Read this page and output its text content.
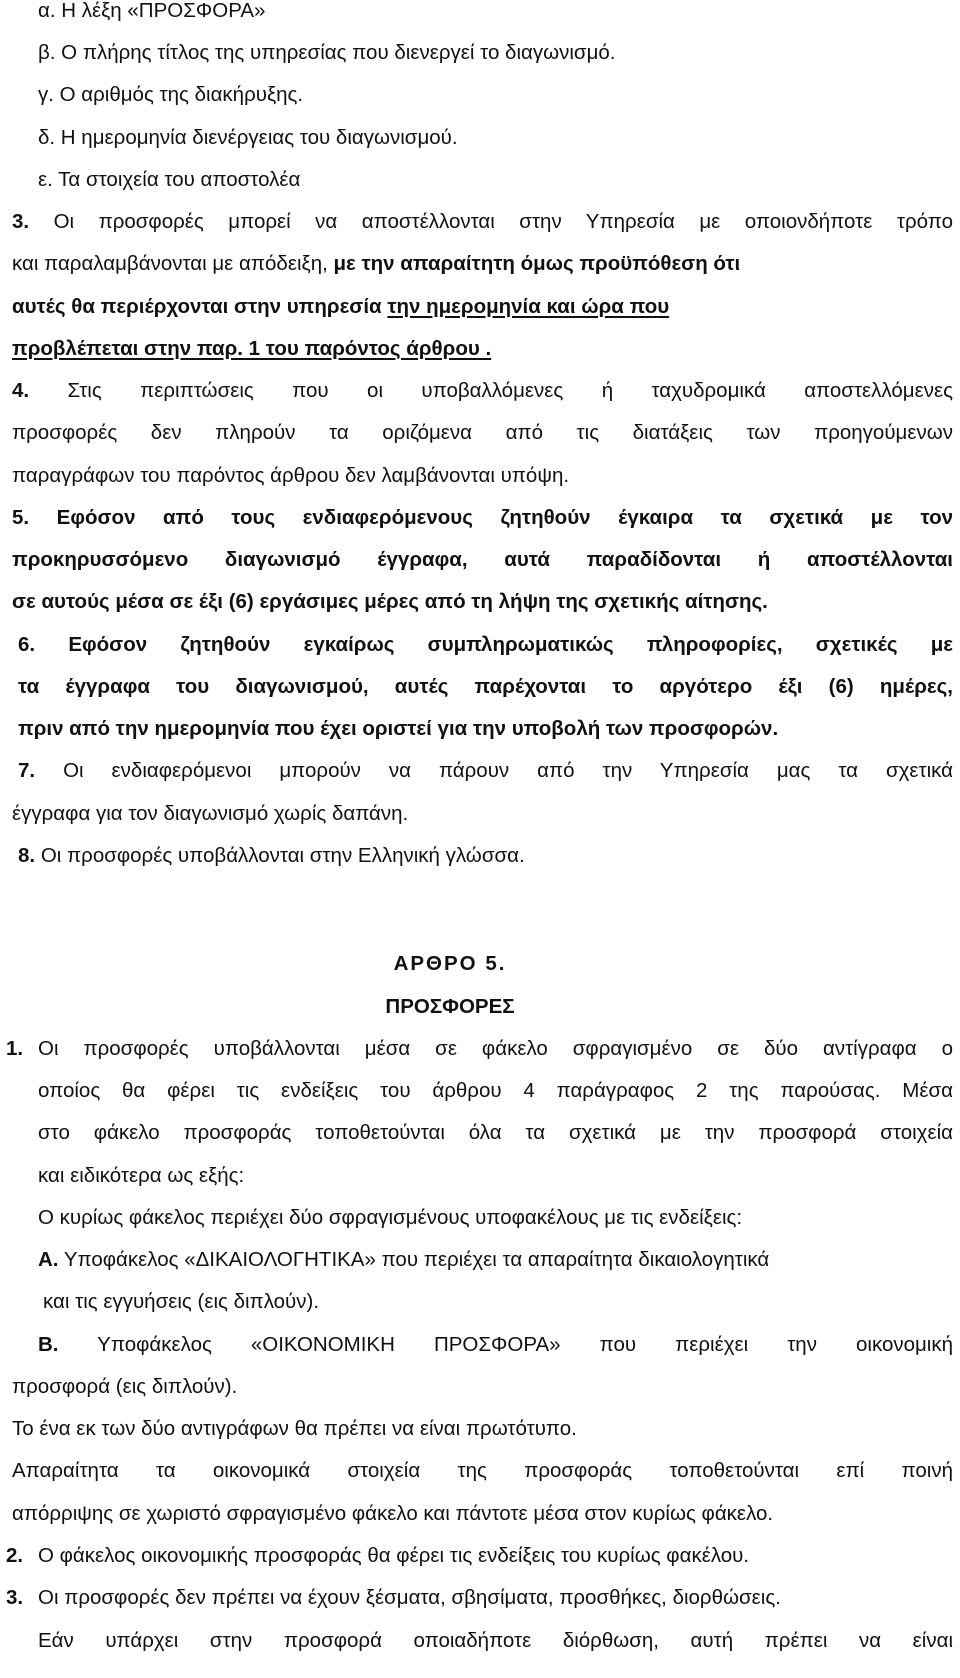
α. Η λέξη «ΠΡΟΣΦΟΡΑ»
β. Ο πλήρης τίτλος της υπηρεσίας που διενεργεί το διαγωνισμό.
γ. Ο αριθμός της διακήρυξης.
δ. Η ημερομηνία διενέργειας του διαγωνισμού.
ε. Τα στοιχεία του αποστολέα
3. Οι προσφορές μπορεί να αποστέλλονται στην Υπηρεσία με οποιονδήποτε τρόπο
και παραλαμβάνονται με απόδειξη, με την απαραίτητη όμως προϋπόθεση ότι
αυτές θα περιέρχονται στην υπηρεσία την ημερομηνία και ώρα που
προβλέπεται στην παρ. 1 του παρόντος άρθρου .
4. Στις περιπτώσεις που οι υποβαλλόμενες ή ταχυδρομικά αποστελλόμενες
προσφορές δεν πληρούν τα οριζόμενα από τις διατάξεις των προηγούμενων
παραγράφων του παρόντος άρθρου δεν λαμβάνονται υπόψη.
5. Εφόσον από τους ενδιαφερόμενους ζητηθούν έγκαιρα τα σχετικά με τον
προκηρυσσόμενο διαγωνισμό έγγραφα, αυτά παραδίδονται ή αποστέλλονται
σε αυτούς μέσα σε έξι (6) εργάσιμες μέρες από τη λήψη της σχετικής αίτησης.
6. Εφόσον ζητηθούν εγκαίρως συμπληρωματικώς πληροφορίες, σχετικές με
τα έγγραφα του διαγωνισμού, αυτές παρέχονται το αργότερο έξι (6) ημέρες,
πριν από την ημερομηνία που έχει οριστεί για την υποβολή των προσφορών.
7. Οι ενδιαφερόμενοι μπορούν να πάρουν από την Υπηρεσία μας τα σχετικά
έγγραφα για τον διαγωνισμό χωρίς δαπάνη.
8. Οι προσφορές υποβάλλονται στην Ελληνική γλώσσα.
ΑΡΘΡΟ 5.
ΠΡΟΣΦΟΡΕΣ
1. Οι προσφορές υποβάλλονται μέσα σε φάκελο σφραγισμένο σε δύο αντίγραφα ο
οποίος θα φέρει τις ενδείξεις του άρθρου 4 παράγραφος 2 της παρούσας. Μέσα
στο φάκελο προσφοράς τοποθετούνται όλα τα σχετικά με την προσφορά στοιχεία
και ειδικότερα ως εξής:
Ο κυρίως φάκελος περιέχει δύο σφραγισμένους υποφακέλους με τις ενδείξεις:
Α. Υποφάκελος «ΔΙΚΑΙΟΛΟΓΗΤΙΚΑ» που περιέχει τα απαραίτητα δικαιολογητικά
και τις εγγυήσεις (εις διπλούν).
Β. Υποφάκελος «ΟΙΚΟΝΟΜΙΚΗ ΠΡΟΣΦΟΡΑ» που περιέχει την οικονομική
προσφορά (εις διπλούν).
Το ένα εκ των δύο αντιγράφων θα πρέπει να είναι πρωτότυπο.
Απαραίτητα τα οικονομικά στοιχεία της προσφοράς τοποθετούνται επί ποινή
απόρριψης σε χωριστό σφραγισμένο φάκελο και πάντοτε μέσα στον κυρίως φάκελο.
2. Ο φάκελος οικονομικής προσφοράς θα φέρει τις ενδείξεις του κυρίως φακέλου.
3. Οι προσφορές δεν πρέπει να έχουν ξέσματα, σβησίματα, προσθήκες, διορθώσεις.
Εάν υπάρχει στην προσφορά οποιαδήποτε διόρθωση, αυτή πρέπει να είναι
